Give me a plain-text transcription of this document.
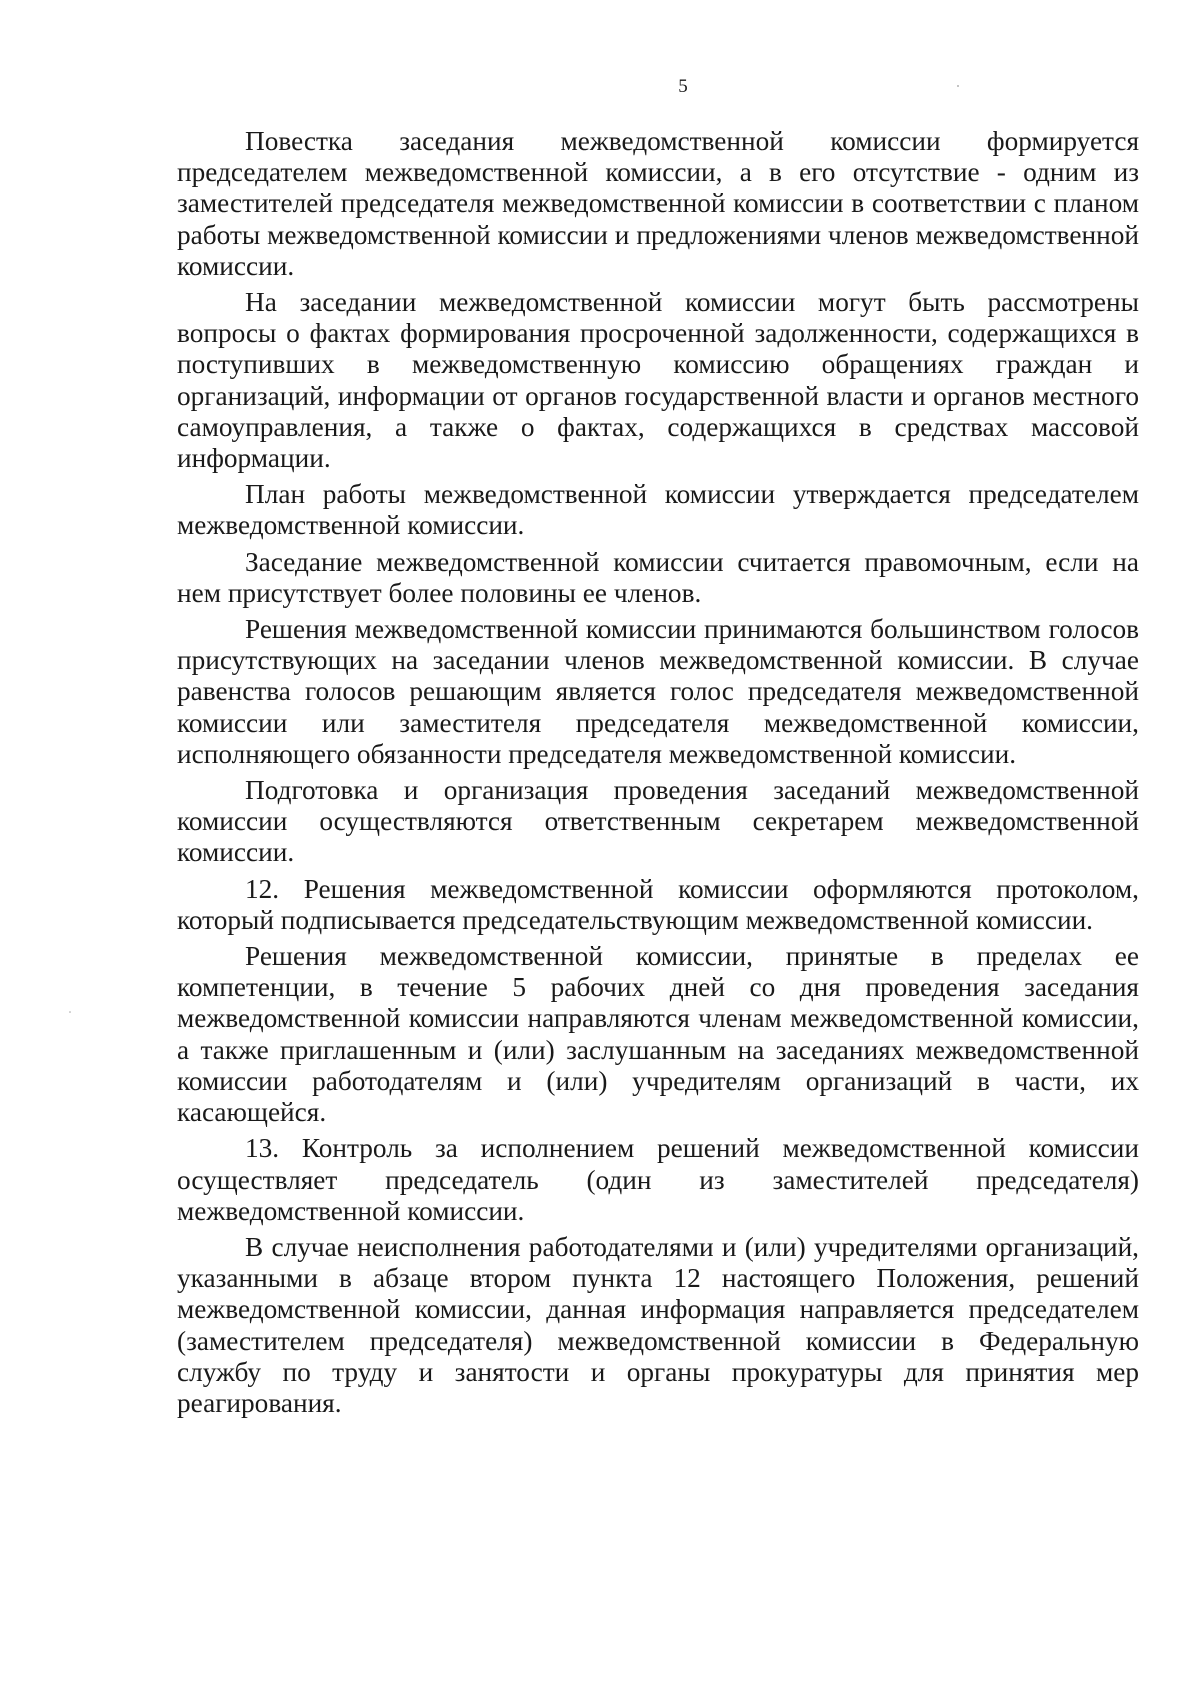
5

Повестка заседания межведомственной комиссии формируется председателем межведомственной комиссии, а в его отсутствие - одним из заместителей председателя межведомственной комиссии в соответствии с планом работы межведомственной комиссии и предложениями членов межведомственной комиссии.

На заседании межведомственной комиссии могут быть рассмотрены вопросы о фактах формирования просроченной задолженности, содержащихся в поступивших в межведомственную комиссию обращениях граждан и организаций, информации от органов государственной власти и органов местного самоуправления, а также о фактах, содержащихся в средствах массовой информации.

План работы межведомственной комиссии утверждается председателем межведомственной комиссии.

Заседание межведомственной комиссии считается правомочным, если на нем присутствует более половины ее членов.

Решения межведомственной комиссии принимаются большинством голосов присутствующих на заседании членов межведомственной комиссии. В случае равенства голосов решающим является голос председателя межведомственной комиссии или заместителя председателя межведомственной комиссии, исполняющего обязанности председателя межведомственной комиссии.

Подготовка и организация проведения заседаний межведомственной комиссии осуществляются ответственным секретарем межведомственной комиссии.

12. Решения межведомственной комиссии оформляются протоколом, который подписывается председательствующим межведомственной комиссии.

Решения межведомственной комиссии, принятые в пределах ее компетенции, в течение 5 рабочих дней со дня проведения заседания межведомственной комиссии направляются членам межведомственной комиссии, а также приглашенным и (или) заслушанным на заседаниях межведомственной комиссии работодателям и (или) учредителям организаций в части, их касающейся.

13. Контроль за исполнением решений межведомственной комиссии осуществляет председатель (один из заместителей председателя) межведомственной комиссии.

В случае неисполнения работодателями и (или) учредителями организаций, указанными в абзаце втором пункта 12 настоящего Положения, решений межведомственной комиссии, данная информация направляется председателем (заместителем председателя) межведомственной комиссии в Федеральную службу по труду и занятости и органы прокуратуры для принятия мер реагирования.
